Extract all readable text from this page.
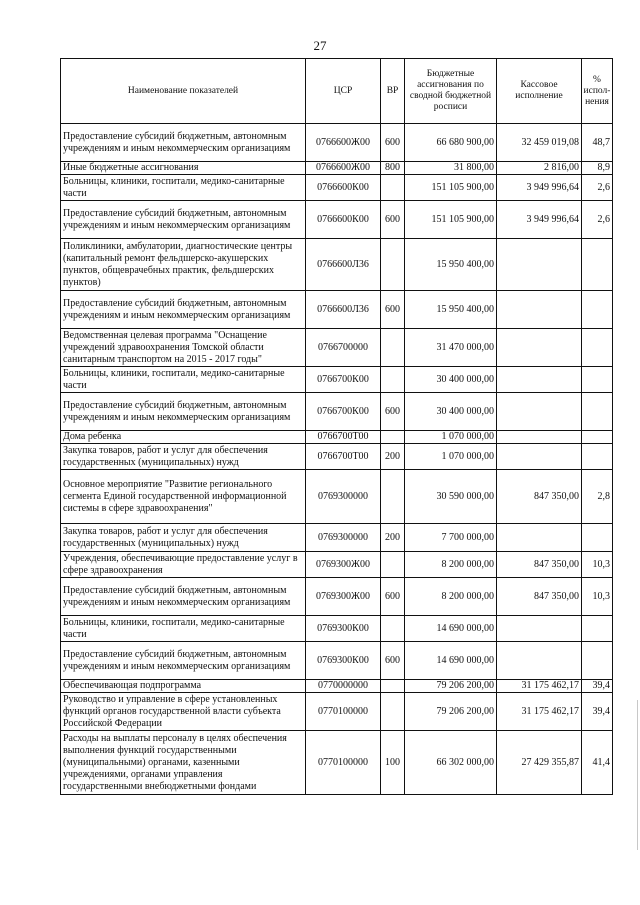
27
Наименование показателей	ЦСР	ВР	Бюджетные ассигнования по сводной бюджетной росписи	Кассовое исполнение	% испол-нения
Предоставление субсидий бюджетным, автономным учреждениям и иным некоммерческим организациям	0766600Ж00	600	66 680 900,00	32 459 019,08	48,7
Иные бюджетные ассигнования	0766600Ж00	800	31 800,00	2 816,00	8,9
Больницы, клиники, госпитали, медико-санитарные части	0766600К00		151 105 900,00	3 949 996,64	2,6
Предоставление субсидий бюджетным, автономным учреждениям и иным некоммерческим организациям	0766600К00	600	151 105 900,00	3 949 996,64	2,6
Поликлиники, амбулатории, диагностические центры (капитальный ремонт фельдшерско-акушерских пунктов, общеврачебных практик, фельдшерских пунктов)	0766600Л36		15 950 400,00		
Предоставление субсидий бюджетным, автономным учреждениям и иным некоммерческим организациям	0766600Л36	600	15 950 400,00		
Ведомственная целевая программа "Оснащение учреждений здравоохранения Томской области санитарным транспортом на 2015 - 2017 годы"	0766700000		31 470 000,00		
Больницы, клиники, госпитали, медико-санитарные части	0766700К00		30 400 000,00		
Предоставление субсидий бюджетным, автономным учреждениям и иным некоммерческим организациям	0766700К00	600	30 400 000,00		
Дома ребенка	0766700Т00		1 070 000,00		
Закупка товаров, работ и услуг для обеспечения государственных (муниципальных) нужд	0766700Т00	200	1 070 000,00		
Основное мероприятие "Развитие регионального сегмента Единой государственной информационной системы в сфере здравоохранения"	0769300000		30 590 000,00	847 350,00	2,8
Закупка товаров, работ и услуг для обеспечения государственных (муниципальных) нужд	0769300000	200	7 700 000,00		
Учреждения, обеспечивающие предоставление услуг в сфере здравоохранения	0769300Ж00		8 200 000,00	847 350,00	10,3
Предоставление субсидий бюджетным, автономным учреждениям и иным некоммерческим организациям	0769300Ж00	600	8 200 000,00	847 350,00	10,3
Больницы, клиники, госпитали, медико-санитарные части	0769300К00		14 690 000,00		
Предоставление субсидий бюджетным, автономным учреждениям и иным некоммерческим организациям	0769300К00	600	14 690 000,00		
Обеспечивающая подпрограмма	0770000000		79 206 200,00	31 175 462,17	39,4
Руководство и управление в сфере установленных функций органов государственной власти субъекта Российской Федерации	0770100000		79 206 200,00	31 175 462,17	39,4
Расходы на выплаты персоналу в целях обеспечения выполнения функций государственными (муниципальными) органами, казенными учреждениями, органами управления государственными внебюджетными фондами	0770100000	100	66 302 000,00	27 429 355,87	41,4
